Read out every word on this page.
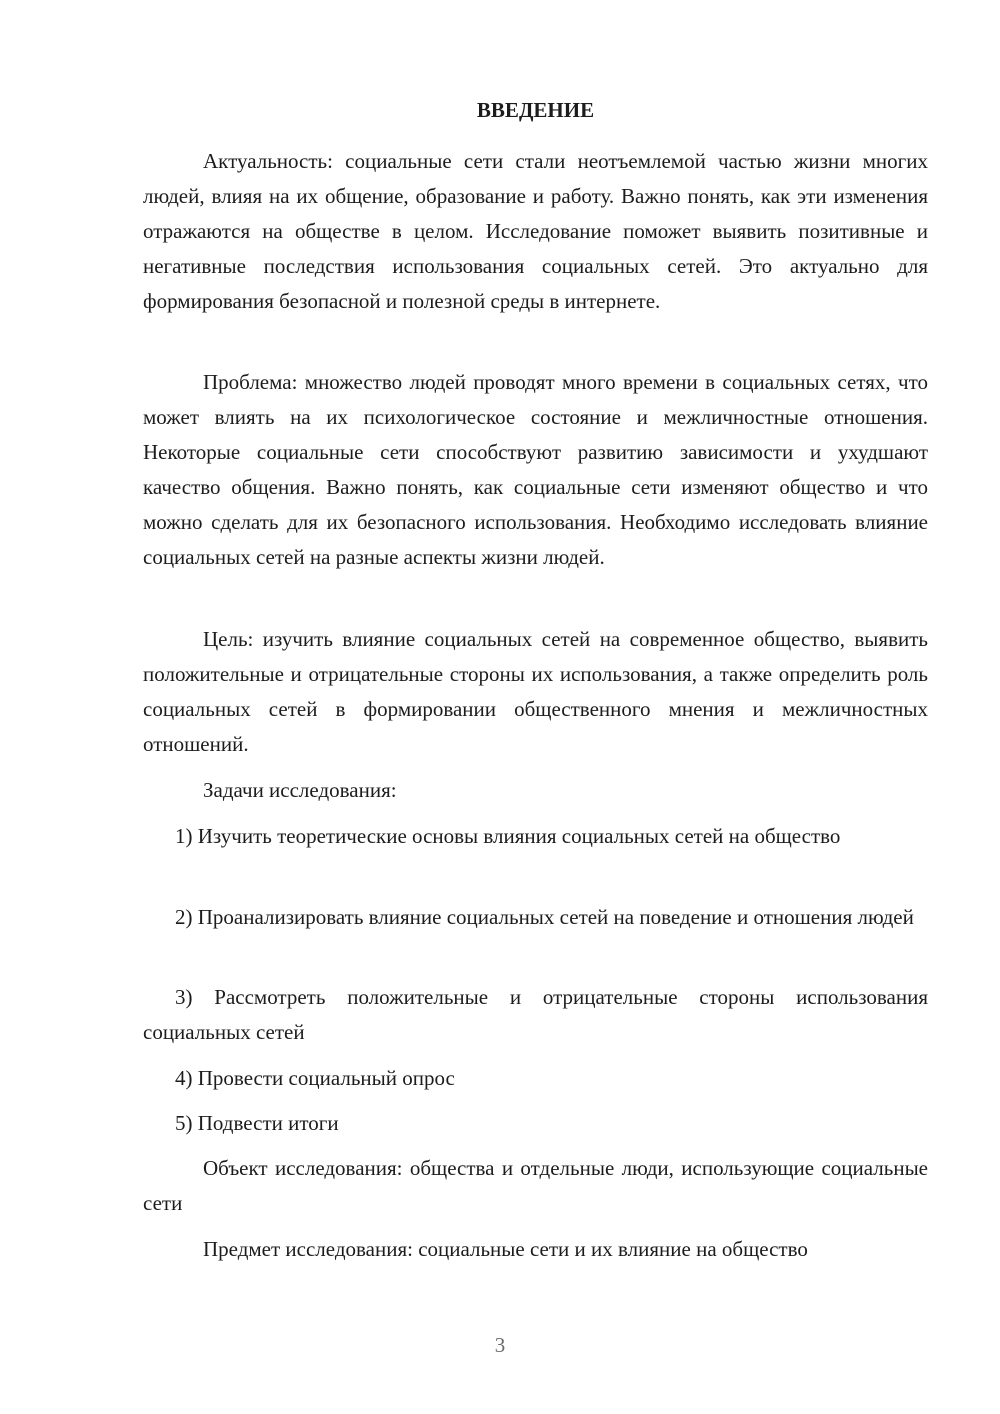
ВВЕДЕНИЕ

Актуальность: социальные сети стали неотъемлемой частью жизни многих людей, влияя на их общение, образование и работу. Важно понять, как эти изменения отражаются на обществе в целом. Исследование поможет выявить позитивные и негативные последствия использования социальных сетей. Это актуально для формирования безопасной и полезной среды в интернете.

Проблема: множество людей проводят много времени в социальных сетях, что может влиять на их психологическое состояние и межличностные отношения. Некоторые социальные сети способствуют развитию зависимости и ухудшают качество общения. Важно понять, как социальные сети изменяют общество и что можно сделать для их безопасного использования. Необходимо исследовать влияние социальных сетей на разные аспекты жизни людей.

Цель: изучить влияние социальных сетей на современное общество, выявить положительные и отрицательные стороны их использования, а также определить роль социальных сетей в формировании общественного мнения и межличностных отношений.

Задачи исследования:

1) Изучить теоретические основы влияния социальных сетей на общество

2) Проанализировать влияние социальных сетей на поведение и отношения людей

3) Рассмотреть положительные и отрицательные стороны использования социальных сетей

4) Провести социальный опрос

5) Подвести итоги

Объект исследования: общества и отдельные люди, использующие социальные сети

Предмет исследования: социальные сети и их влияние на общество

3
